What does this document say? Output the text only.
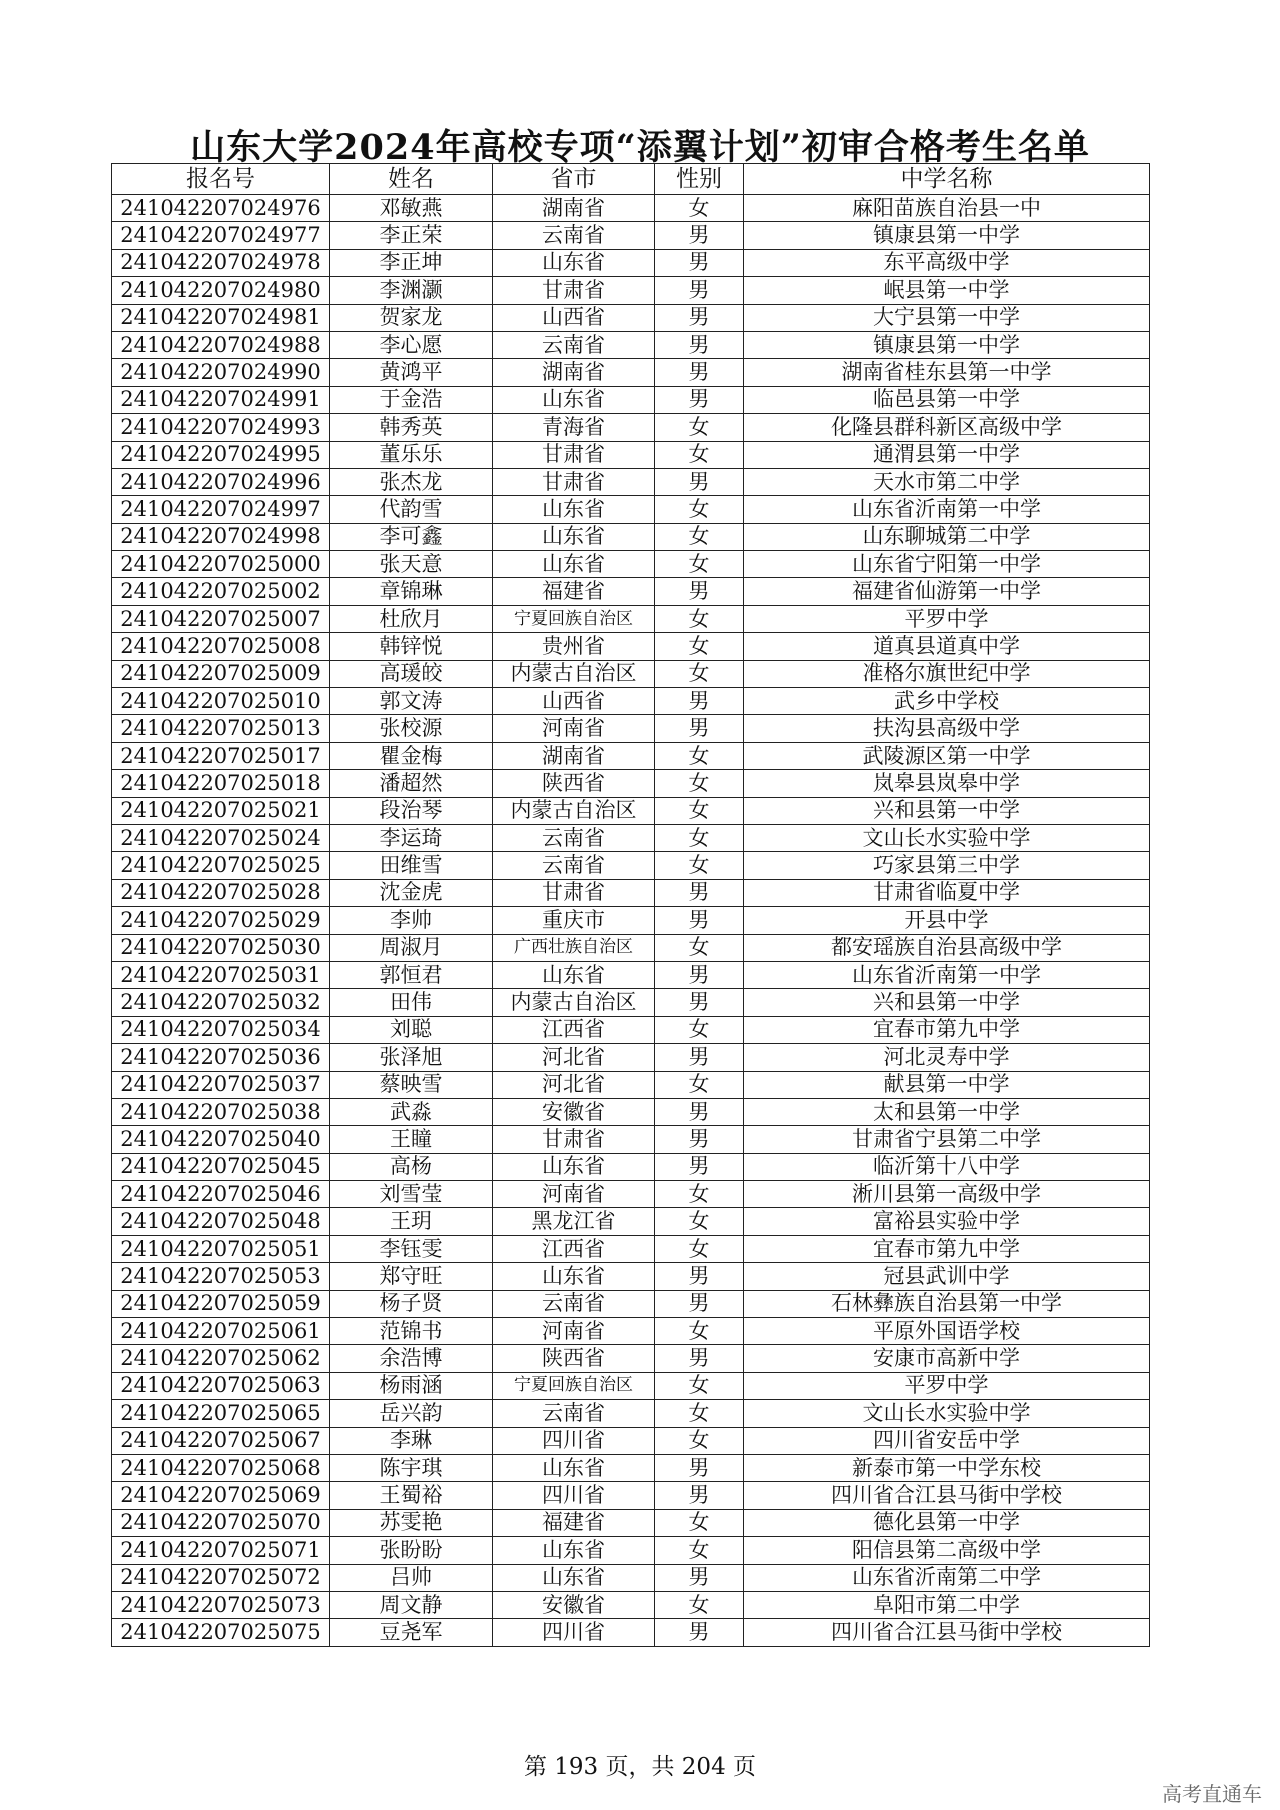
山东大学2024年高校专项“添翼计划”初审合格考生名单
报名号	姓名	省市	性别	中学名称
241042207024976	邓敏燕	湖南省	女	麻阳苗族自治县一中
241042207024977	李正荣	云南省	男	镇康县第一中学
241042207024978	李正坤	山东省	男	东平高级中学
241042207024980	李渊灏	甘肃省	男	岷县第一中学
241042207024981	贺家龙	山西省	男	大宁县第一中学
241042207024988	李心愿	云南省	男	镇康县第一中学
241042207024990	黄鸿平	湖南省	男	湖南省桂东县第一中学
241042207024991	于金浩	山东省	男	临邑县第一中学
241042207024993	韩秀英	青海省	女	化隆县群科新区高级中学
241042207024995	董乐乐	甘肃省	女	通渭县第一中学
241042207024996	张杰龙	甘肃省	男	天水市第二中学
241042207024997	代韵雪	山东省	女	山东省沂南第一中学
241042207024998	李可鑫	山东省	女	山东聊城第二中学
241042207025000	张天意	山东省	女	山东省宁阳第一中学
241042207025002	章锦琳	福建省	男	福建省仙游第一中学
241042207025007	杜欣月	宁夏回族自治区	女	平罗中学
241042207025008	韩锌悦	贵州省	女	道真县道真中学
241042207025009	高瑗皎	内蒙古自治区	女	准格尔旗世纪中学
241042207025010	郭文涛	山西省	男	武乡中学校
241042207025013	张校源	河南省	男	扶沟县高级中学
241042207025017	瞿金梅	湖南省	女	武陵源区第一中学
241042207025018	潘超然	陕西省	女	岚皋县岚皋中学
241042207025021	段治琴	内蒙古自治区	女	兴和县第一中学
241042207025024	李运琦	云南省	女	文山长水实验中学
241042207025025	田维雪	云南省	女	巧家县第三中学
241042207025028	沈金虎	甘肃省	男	甘肃省临夏中学
241042207025029	李帅	重庆市	男	开县中学
241042207025030	周淑月	广西壮族自治区	女	都安瑶族自治县高级中学
241042207025031	郭恒君	山东省	男	山东省沂南第一中学
241042207025032	田伟	内蒙古自治区	男	兴和县第一中学
241042207025034	刘聪	江西省	女	宜春市第九中学
241042207025036	张泽旭	河北省	男	河北灵寿中学
241042207025037	蔡映雪	河北省	女	献县第一中学
241042207025038	武淼	安徽省	男	太和县第一中学
241042207025040	王瞳	甘肃省	男	甘肃省宁县第二中学
241042207025045	高杨	山东省	男	临沂第十八中学
241042207025046	刘雪莹	河南省	女	淅川县第一高级中学
241042207025048	王玥	黑龙江省	女	富裕县实验中学
241042207025051	李钰雯	江西省	女	宜春市第九中学
241042207025053	郑守旺	山东省	男	冠县武训中学
241042207025059	杨子贤	云南省	男	石林彝族自治县第一中学
241042207025061	范锦书	河南省	女	平原外国语学校
241042207025062	余浩博	陕西省	男	安康市高新中学
241042207025063	杨雨涵	宁夏回族自治区	女	平罗中学
241042207025065	岳兴韵	云南省	女	文山长水实验中学
241042207025067	李琳	四川省	女	四川省安岳中学
241042207025068	陈宇琪	山东省	男	新泰市第一中学东校
241042207025069	王蜀裕	四川省	男	四川省合江县马街中学校
241042207025070	苏雯艳	福建省	女	德化县第一中学
241042207025071	张盼盼	山东省	女	阳信县第二高级中学
241042207025072	吕帅	山东省	男	山东省沂南第二中学
241042207025073	周文静	安徽省	女	阜阳市第二中学
241042207025075	豆尧军	四川省	男	四川省合江县马街中学校
第 193 页，共 204 页
高考直通车
